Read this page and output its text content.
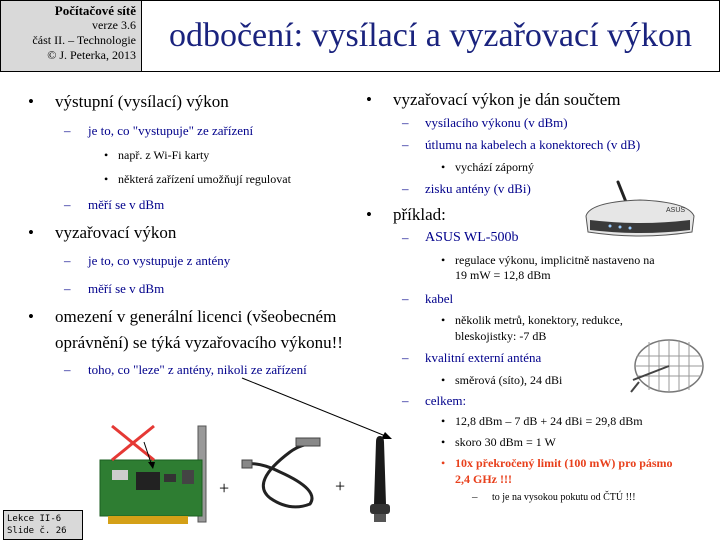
Počítačové sítě
verze 3.6
část II. – Technologie
© J. Peterka, 2013
odbočení: vysílací a vyzařovací výkon
• výstupní (vysílací) výkon
– je to, co "vystupuje" ze zařízení
• např. z Wi-Fi karty
• některá zařízení umožňují regulovat
– měří se v dBm
• vyzařovací výkon
– je to, co vystupuje z antény
– měří se v dBm
• omezení v generální licenci (všeobecném
oprávnění) se týká vyzařovacího výkonu!!
– toho, co "leze" z antény, nikoli ze zařízení
• vyzařovací výkon je dán součtem
– vysílacího výkonu (v dBm)
– útlumu na kabelech a konektorech (v dB)
• vychází záporný
– zisku antény (v dBi)
• příklad:
– ASUS WL-500b
• regulace výkonu, implicitně nastaveno na
19 mW = 12,8 dBm
– kabel
• několik metrů, konektory, redukce,
bleskojistky: -7 dB
– kvalitní externí anténa
• směrová (síto), 24 dBi
– celkem:
• 12,8 dBm – 7 dB + 24 dBi = 29,8 dBm
• skoro 30 dBm = 1 W
• 10x překročený limit (100 mW) pro pásmo
2,4 GHz !!!
– to je na vysokou pokutu od ČTÚ !!!
ASUS
+	+
Lekce II-6
Slide č. 26
